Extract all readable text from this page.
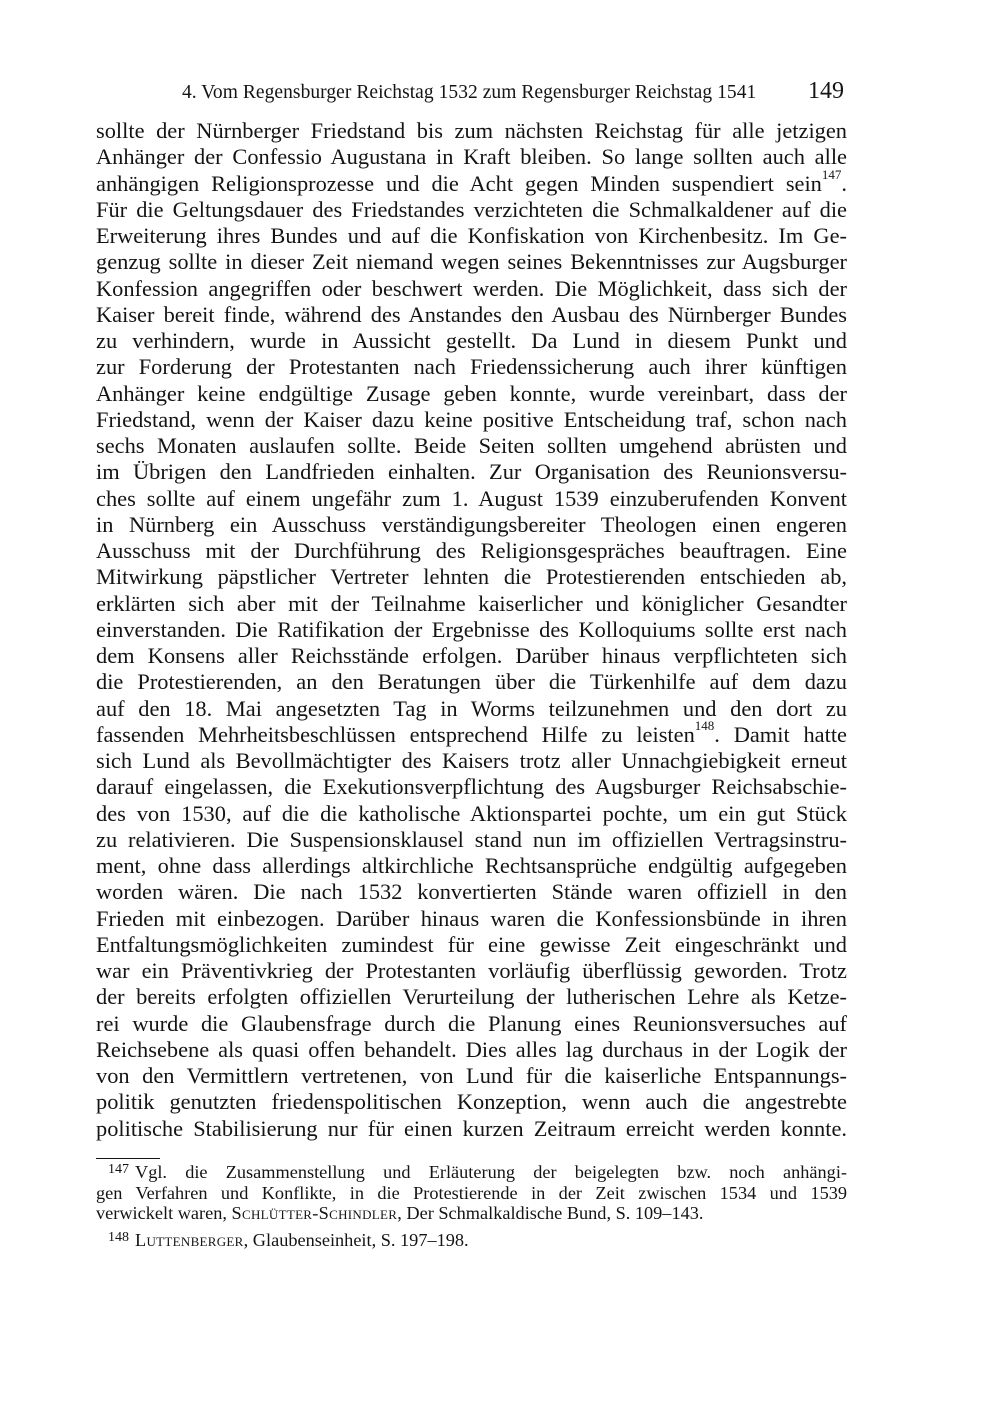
4. Vom Regensburger Reichstag 1532 zum Regensburger Reichstag 1541 149
sollte der Nürnberger Friedstand bis zum nächsten Reichstag für alle jetzigen
Anhänger der Confessio Augustana in Kraft bleiben. So lange sollten auch alle
anhängigen Religionsprozesse und die Acht gegen Minden suspendiert sein$^{147}$.
Für die Geltungsdauer des Friedstandes verzichteten die Schmalkaldener auf die
Erweiterung ihres Bundes und auf die Konfiskation von Kirchenbesitz. Im Ge-
genzug sollte in dieser Zeit niemand wegen seines Bekenntnisses zur Augsburger
Konfession angegriffen oder beschwert werden. Die Möglichkeit, dass sich der
Kaiser bereit finde, während des Anstandes den Ausbau des Nürnberger Bundes
zu verhindern, wurde in Aussicht gestellt. Da Lund in diesem Punkt und
zur Forderung der Protestanten nach Friedenssicherung auch ihrer künftigen
Anhänger keine endgültige Zusage geben konnte, wurde vereinbart, dass der
Friedstand, wenn der Kaiser dazu keine positive Entscheidung traf, schon nach
sechs Monaten auslaufen sollte. Beide Seiten sollten umgehend abrüsten und
im Übrigen den Landfrieden einhalten. Zur Organisation des Reunionsversu-
ches sollte auf einem ungefähr zum 1. August 1539 einzuberufenden Konvent
in Nürnberg ein Ausschuss verständigungsbereiter Theologen einen engeren
Ausschuss mit der Durchführung des Religionsgespräches beauftragen. Eine
Mitwirkung päpstlicher Vertreter lehnten die Protestierenden entschieden ab,
erklärten sich aber mit der Teilnahme kaiserlicher und königlicher Gesandter
einverstanden. Die Ratifikation der Ergebnisse des Kolloquiums sollte erst nach
dem Konsens aller Reichsstände erfolgen. Darüber hinaus verpflichteten sich
die Protestierenden, an den Beratungen über die Türkenhilfe auf dem dazu
auf den 18. Mai angesetzten Tag in Worms teilzunehmen und den dort zu
fassenden Mehrheitsbeschlüssen entsprechend Hilfe zu leisten$^{148}$. Damit hatte
sich Lund als Bevollmächtigter des Kaisers trotz aller Unnachgiebigkeit erneut
darauf eingelassen, die Exekutionsverpflichtung des Augsburger Reichsabschie-
des von 1530, auf die die katholische Aktionspartei pochte, um ein gut Stück
zu relativieren. Die Suspensionsklausel stand nun im offiziellen Vertragsinstru-
ment, ohne dass allerdings altkirchliche Rechtsansprüche endgültig aufgegeben
worden wären. Die nach 1532 konvertierten Stände waren offiziell in den
Frieden mit einbezogen. Darüber hinaus waren die Konfessionsbünde in ihren
Entfaltungsmöglichkeiten zumindest für eine gewisse Zeit eingeschränkt und
war ein Präventivkrieg der Protestanten vorläufig überflüssig geworden. Trotz
der bereits erfolgten offiziellen Verurteilung der lutherischen Lehre als Ketze-
rei wurde die Glaubensfrage durch die Planung eines Reunionsversuches auf
Reichsebene als quasi offen behandelt. Dies alles lag durchaus in der Logik der
von den Vermittlern vertretenen, von Lund für die kaiserliche Entspannungs-
politik genutzten friedenspolitischen Konzeption, wenn auch die angestrebte
politische Stabilisierung nur für einen kurzen Zeitraum erreicht werden konnte.
$^{147}$ Vgl. die Zusammenstellung und Erläuterung der beigelegten bzw. noch anhängi-
gen Verfahren und Konflikte, in die Protestierende in der Zeit zwischen 1534 und 1539
verwickelt waren, Schlütter-Schindler, Der Schmalkaldische Bund, S. 109–143.
$^{148}$ Luttenberger, Glaubenseinheit, S. 197–198.
